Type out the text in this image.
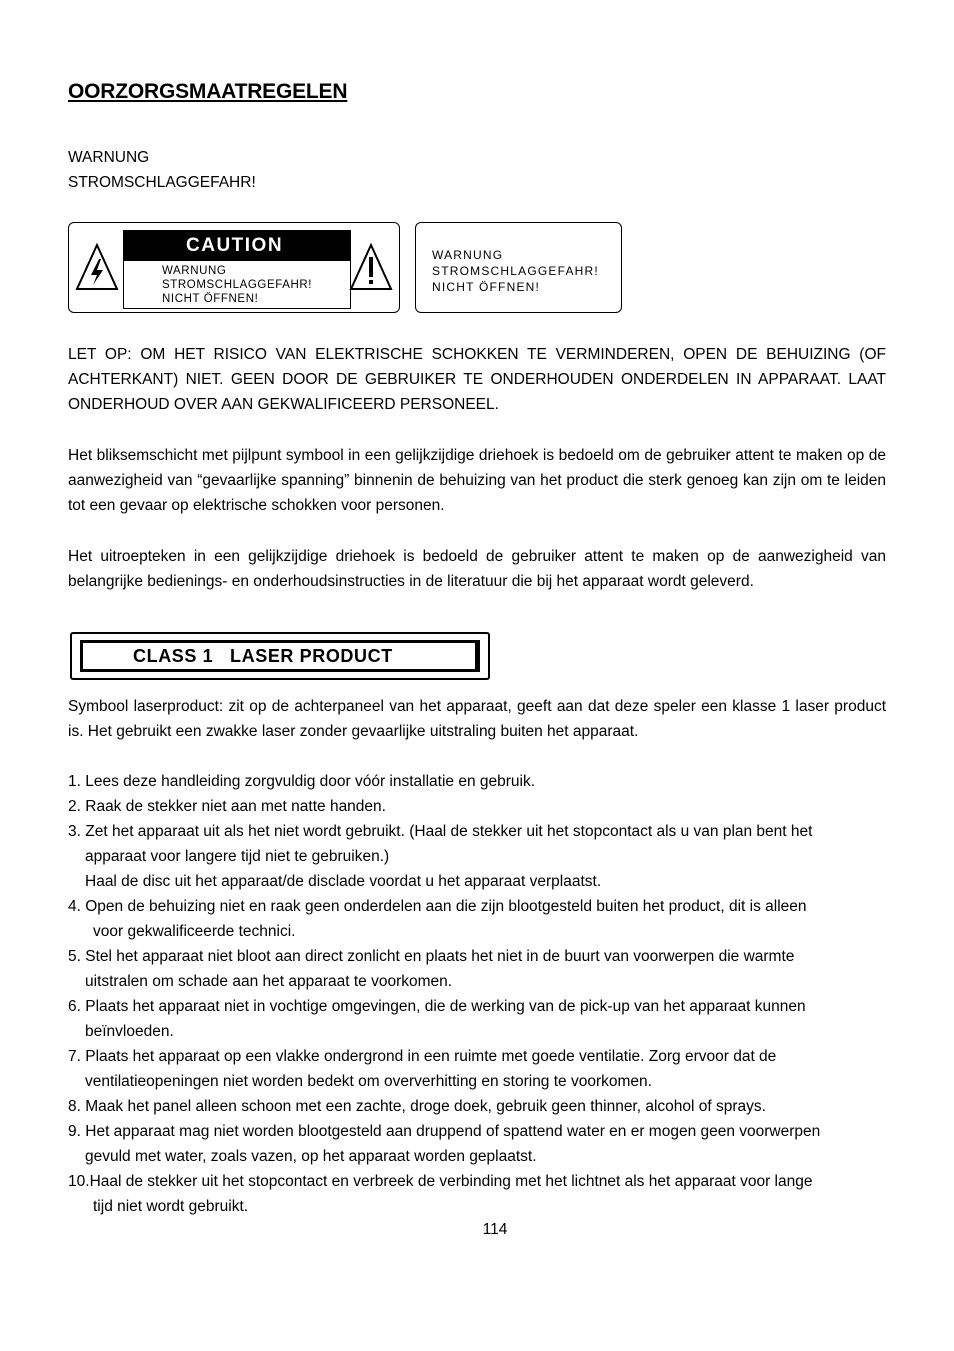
OORZORGSMAATREGELEN
WARNUNG
STROMSCHLAGGEFAHR!
CAUTION
WARNUNG
STROMSCHLAGGEFAHR!
NICHT ÖFFNEN!
WARNUNG
STROMSCHLAGGEFAHR!
NICHT ÖFFNEN!

LET OP: OM HET RISICO VAN ELEKTRISCHE SCHOKKEN TE VERMINDEREN, OPEN DE BEHUIZING (OF ACHTERKANT) NIET. GEEN DOOR DE GEBRUIKER TE ONDERHOUDEN ONDERDELEN IN APPARAAT. LAAT ONDERHOUD OVER AAN GEKWALIFICEERD PERSONEEL.

Het bliksemschicht met pijlpunt symbool in een gelijkzijdige driehoek is bedoeld om de gebruiker attent te maken op de aanwezigheid van “gevaarlijke spanning” binnenin de behuizing van het product die sterk genoeg kan zijn om te leiden tot een gevaar op elektrische schokken voor personen.

Het uitroepteken in een gelijkzijdige driehoek is bedoeld de gebruiker attent te maken op de aanwezigheid van belangrijke bedienings- en onderhoudsinstructies in de literatuur die bij het apparaat wordt geleverd.

CLASS 1   LASER PRODUCT

Symbool laserproduct: zit op de achterpaneel van het apparaat, geeft aan dat deze speler een klasse 1 laser product is. Het gebruikt een zwakke laser zonder gevaarlijke uitstraling buiten het apparaat.

1. Lees deze handleiding zorgvuldig door vóór installatie en gebruik.
2. Raak de stekker niet aan met natte handen.
3. Zet het apparaat uit als het niet wordt gebruikt. (Haal de stekker uit het stopcontact als u van plan bent het
apparaat voor langere tijd niet te gebruiken.)
Haal de disc uit het apparaat/de disclade voordat u het apparaat verplaatst.
4. Open de behuizing niet en raak geen onderdelen aan die zijn blootgesteld buiten het product, dit is alleen
voor gekwalificeerde technici.
5. Stel het apparaat niet bloot aan direct zonlicht en plaats het niet in de buurt van voorwerpen die warmte
uitstralen om schade aan het apparaat te voorkomen.
6. Plaats het apparaat niet in vochtige omgevingen, die de werking van de pick-up van het apparaat kunnen
beïnvloeden.
7. Plaats het apparaat op een vlakke ondergrond in een ruimte met goede ventilatie. Zorg ervoor dat de
ventilatieopeningen niet worden bedekt om oververhitting en storing te voorkomen.
8. Maak het panel alleen schoon met een zachte, droge doek, gebruik geen thinner, alcohol of sprays.
9. Het apparaat mag niet worden blootgesteld aan druppend of spattend water en er mogen geen voorwerpen
gevuld met water, zoals vazen, op het apparaat worden geplaatst.
10.Haal de stekker uit het stopcontact en verbreek de verbinding met het lichtnet als het apparaat voor lange
tijd niet wordt gebruikt.
114
